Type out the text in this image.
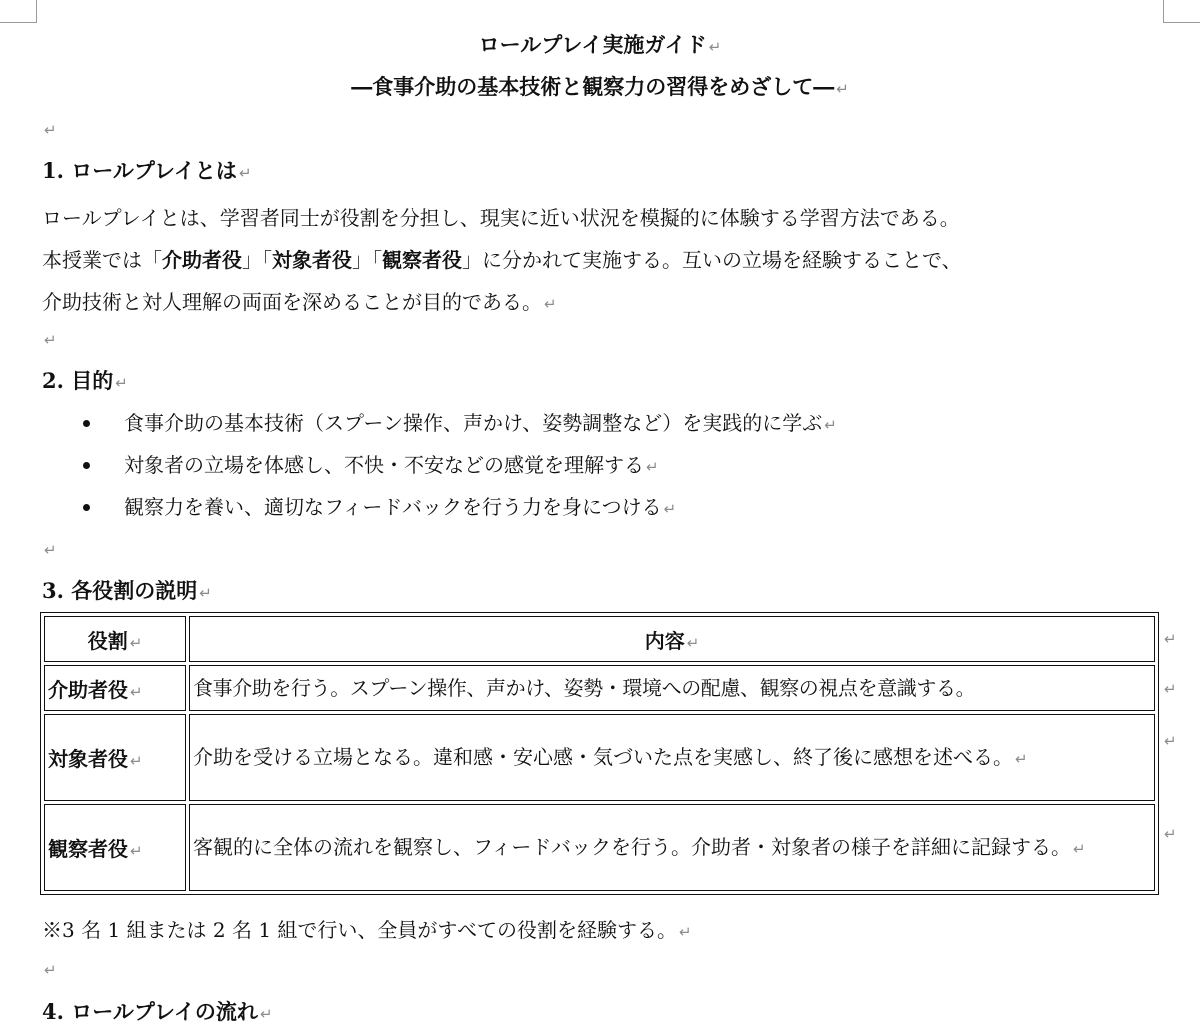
ロールプレイ実施ガイド ↵
―食事介助の基本技術と観察力の習得をめざして― ↵
↵
1. ロールプレイとは ↵

ロールプレイとは、学習者同士が役割を分担し、現実に近い状況を模擬的に体験する学習方法である。

本授業では「介助者役」「対象者役」「観察者役」に分かれて実施する。互いの立場を経験することで、

介助技術と対人理解の両面を深めることが目的である。 ↵

↵
2. 目的 ↵
食事介助の基本技術（スプーン操作、声かけ、姿勢調整など）を実践的に学ぶ ↵
対象者の立場を体感し、不快・不安などの感覚を理解する ↵
観察力を養い、適切なフィードバックを行う力を身につける ↵
↵
3. 各役割の説明 ↵
役割 ↵	内容 ↵
介助者役 ↵	食事介助を行う。スプーン操作、声かけ、姿勢・環境への配慮、観察の視点を意識する。
対象者役 ↵	介助を受ける立場となる。違和感・安心感・気づいた点を実感し、終了後に感想を述べる。 ↵
観察者役 ↵	客観的に全体の流れを観察し、フィードバックを行う。介助者・対象者の様子を詳細に記録する。 ↵
↵
↵
↵
↵
※3 名 1 組または 2 名 1 組で行い、全員がすべての役割を経験する。 ↵
↵
4. ロールプレイの流れ ↵
